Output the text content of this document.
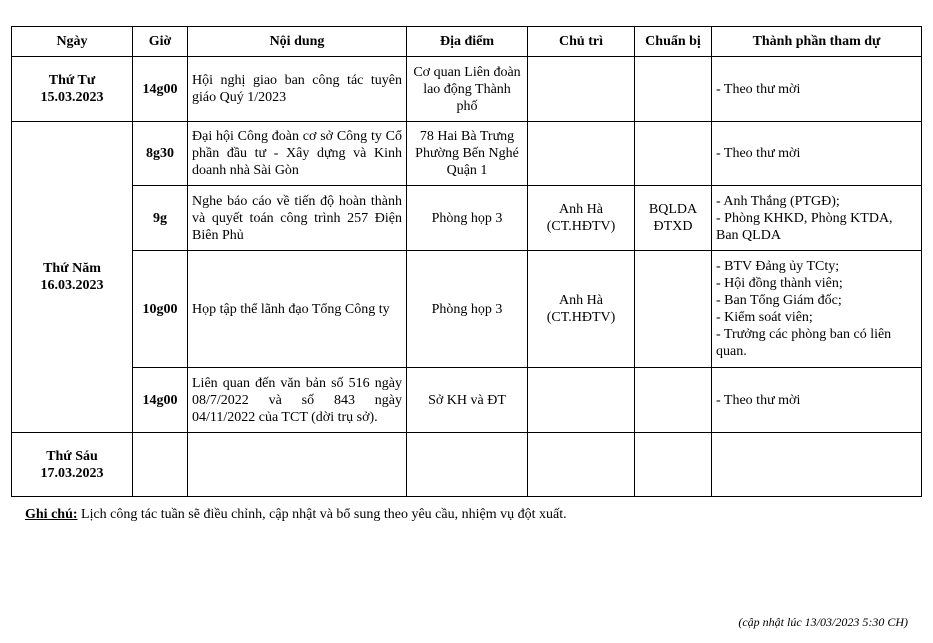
Ngày	Giờ	Nội dung	Địa điểm	Chủ trì	Chuẩn bị	Thành phần tham dự

Thứ Tư
15.03.2023	14g00	Hội nghị giao ban công tác tuyên giáo Quý 1/2023	Cơ quan Liên đoàn lao động Thành phố			- Theo thư mời

Thứ Năm
16.03.2023	8g30	Đại hội Công đoàn cơ sở Công ty Cổ phần đầu tư - Xây dựng và Kinh doanh nhà Sài Gòn	78 Hai Bà Trưng Phường Bến Nghé Quận 1			- Theo thư mời

	9g	Nghe báo cáo về tiến độ hoàn thành và quyết toán công trình 257 Điện Biên Phủ	Phòng họp 3	Anh Hà (CT.HĐTV)	BQLDA ĐTXD	- Anh Thắng (PTGĐ);
- Phòng KHKD, Phòng KTDA, Ban QLDA

	10g00	Họp tập thể lãnh đạo Tổng Công ty	Phòng họp 3	Anh Hà (CT.HĐTV)		- BTV Đảng ủy TCty;
- Hội đồng thành viên;
- Ban Tổng Giám đốc;
- Kiểm soát viên;
- Trưởng các phòng ban có liên quan.

	14g00	Liên quan đến văn bản số 516 ngày 08/7/2022 và số 843 ngày 04/11/2022 của TCT (dời trụ sở).	Sở KH và ĐT			- Theo thư mời

Thứ Sáu
17.03.2023						

Ghi chú: Lịch công tác tuần sẽ điều chỉnh, cập nhật và bổ sung theo yêu cầu, nhiệm vụ đột xuất.
(cập nhật lúc 13/03/2023 5:30 CH)
